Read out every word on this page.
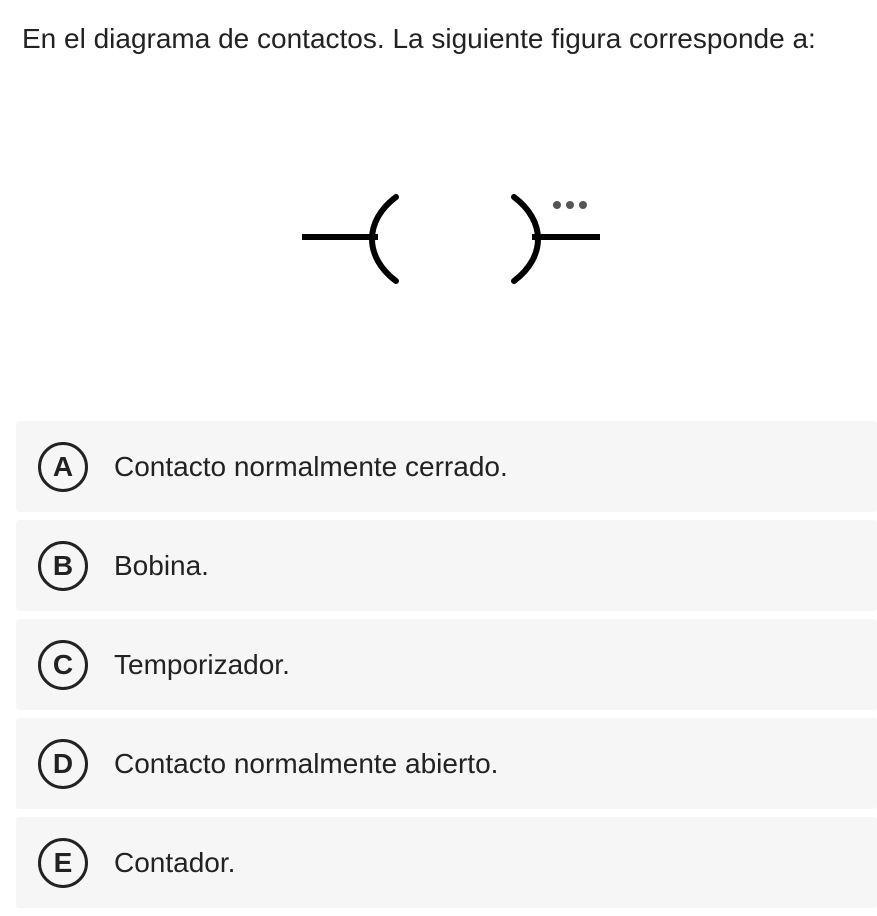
En el diagrama de contactos. La siguiente figura corresponde a:
A	Contacto normalmente cerrado.
B	Bobina.
C	Temporizador.
D	Contacto normalmente abierto.
E	Contador.
